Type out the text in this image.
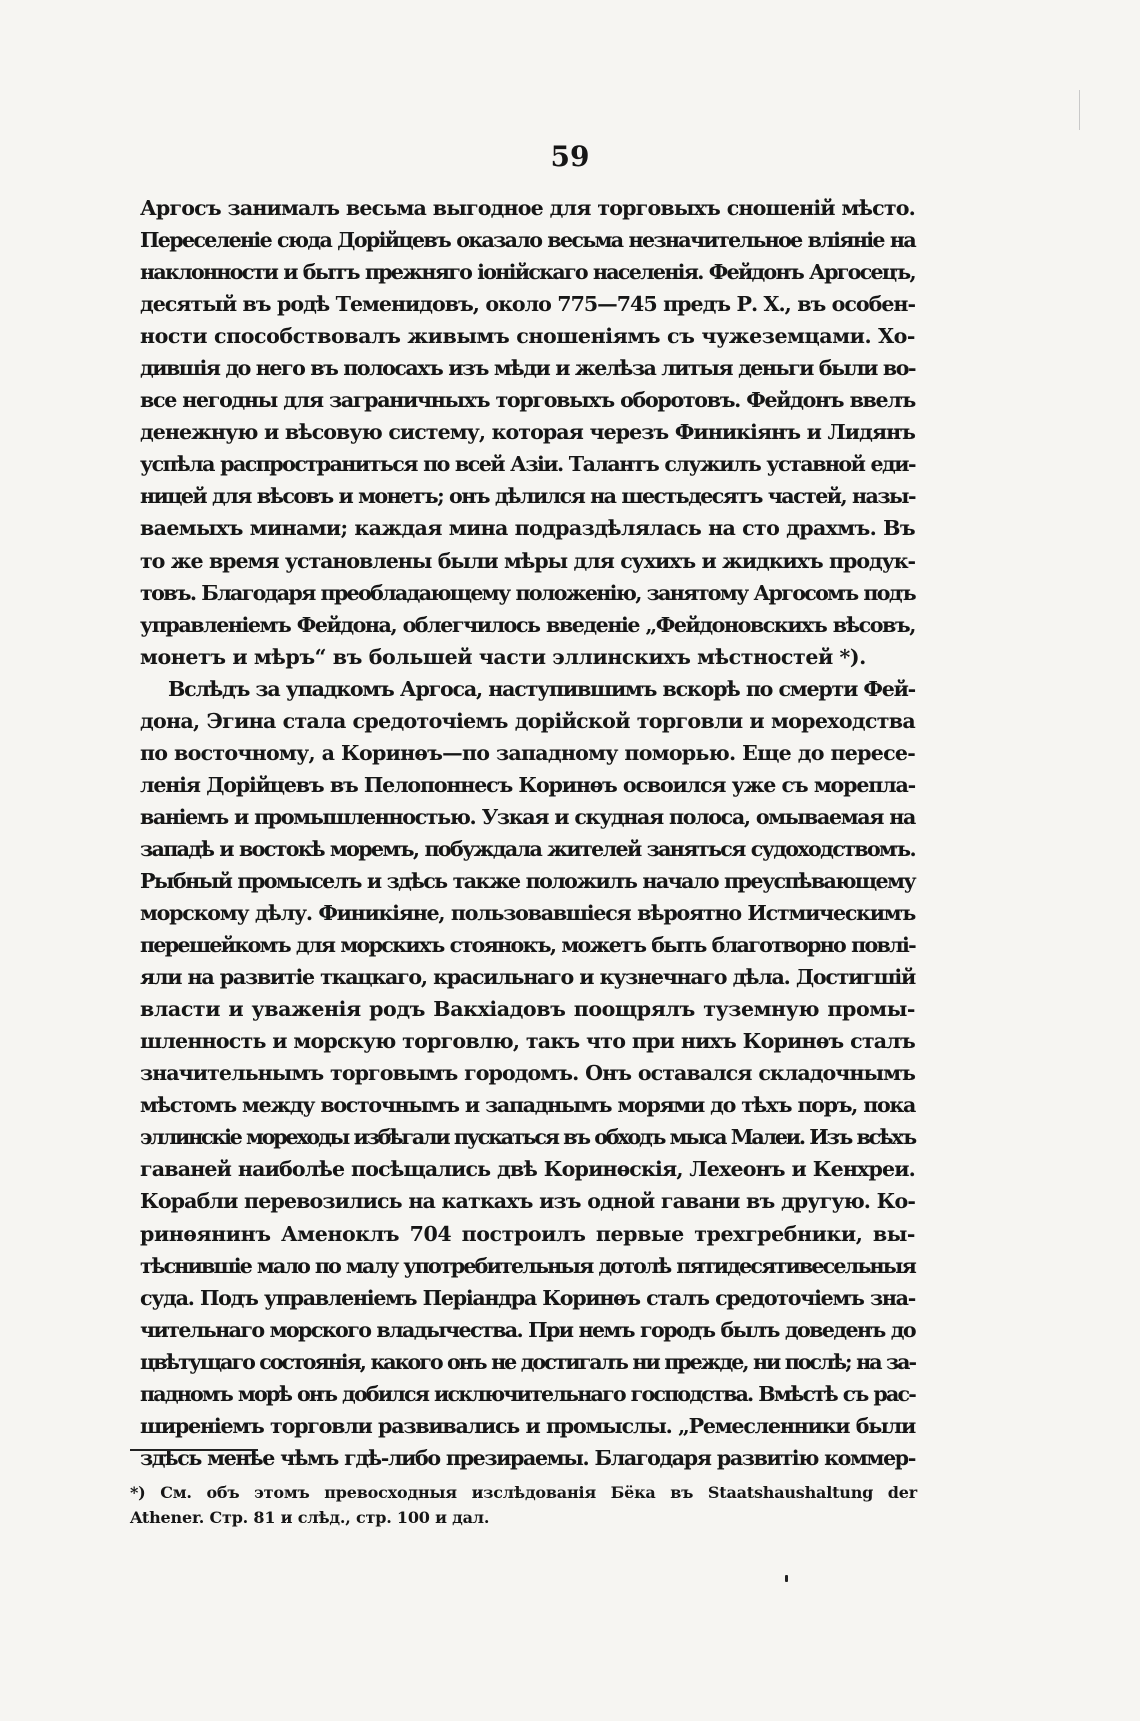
59
Аргосъ занималъ весьма выгодное для торговыхъ сношеній мѣсто.
Переселеніе сюда Дорійцевъ оказало весьма незначительное вліяніе на
наклонности и бытъ прежняго іонійскаго населенія. Фейдонъ Аргосецъ,
десятый въ родѣ Теменидовъ, около 775—745 предъ Р. Х., въ особен-
ности способствовалъ живымъ сношеніямъ съ чужеземцами. Хо-
дившія до него въ полосахъ изъ мѣди и желѣза литыя деньги были во-
все негодны для заграничныхъ торговыхъ оборотовъ. Фейдонъ ввелъ
денежную и вѣсовую систему, которая черезъ Финикіянъ и Лидянъ
успѣла распространиться по всей Азіи. Талантъ служилъ уставной еди-
ницей для вѣсовъ и монетъ; онъ дѣлился на шестьдесятъ частей, назы-
ваемыхъ минами; каждая мина подраздѣлялась на сто драхмъ. Въ
то же время установлены были мѣры для сухихъ и жидкихъ продук-
товъ. Благодаря преобладающему положенію, занятому Аргосомъ подъ
управленіемъ Фейдона, облегчилось введеніе „Фейдоновскихъ вѣсовъ,
монетъ и мѣръ“ въ большей части эллинскихъ мѣстностей *).
Вслѣдъ за упадкомъ Аргоса, наступившимъ вскорѣ по смерти Фей-
дона, Эгина стала средоточіемъ дорійской торговли и мореходства
по восточному, а Коринѳъ—по западному поморью. Еще до пересе-
ленія Дорійцевъ въ Пелопоннесъ Коринѳъ освоился уже съ морепла-
ваніемъ и промышленностью. Узкая и скудная полоса, омываемая на
западѣ и востокѣ моремъ, побуждала жителей заняться судоходствомъ.
Рыбный промыселъ и здѣсь также положилъ начало преуспѣвающему
морскому дѣлу. Финикіяне, пользовавшіеся вѣроятно Истмическимъ
перешейкомъ для морскихъ стоянокъ, можетъ быть благотворно повлі-
яли на развитіе ткацкаго, красильнаго и кузнечнаго дѣла. Достигшій
власти и уваженія родъ Вакхіадовъ поощрялъ туземную промы-
шленность и морскую торговлю, такъ что при нихъ Коринѳъ сталъ
значительнымъ торговымъ городомъ. Онъ оставался складочнымъ
мѣстомъ между восточнымъ и западнымъ морями до тѣхъ поръ, пока
эллинскіе мореходы избѣгали пускаться въ обходъ мыса Малеи. Изъ всѣхъ
гаваней наиболѣе посѣщались двѣ Коринѳскія, Лехеонъ и Кенхреи.
Корабли перевозились на каткахъ изъ одной гавани въ другую. Ко-
ринѳянинъ Аменоклъ 704 построилъ первые трехгребники, вы-
тѣснившіе мало по малу употребительныя дотолѣ пятидесятивесельныя
суда. Подъ управленіемъ Періандра Коринѳъ сталъ средоточіемъ зна-
чительнаго морского владычества. При немъ городъ былъ доведенъ до
цвѣтущаго состоянія, какого онъ не достигалъ ни прежде, ни послѣ; на за-
падномъ морѣ онъ добился исключительнаго господства. Вмѣстѣ съ рас-
ширеніемъ торговли развивались и промыслы. „Ремесленники были
здѣсь менѣе чѣмъ гдѣ-либо презираемы. Благодаря развитію коммер-
*) См. объ этомъ превосходныя изслѣдованія Бёка въ Staatshaushaltung der
Athener. Стр. 81 и слѣд., стр. 100 и дал.
